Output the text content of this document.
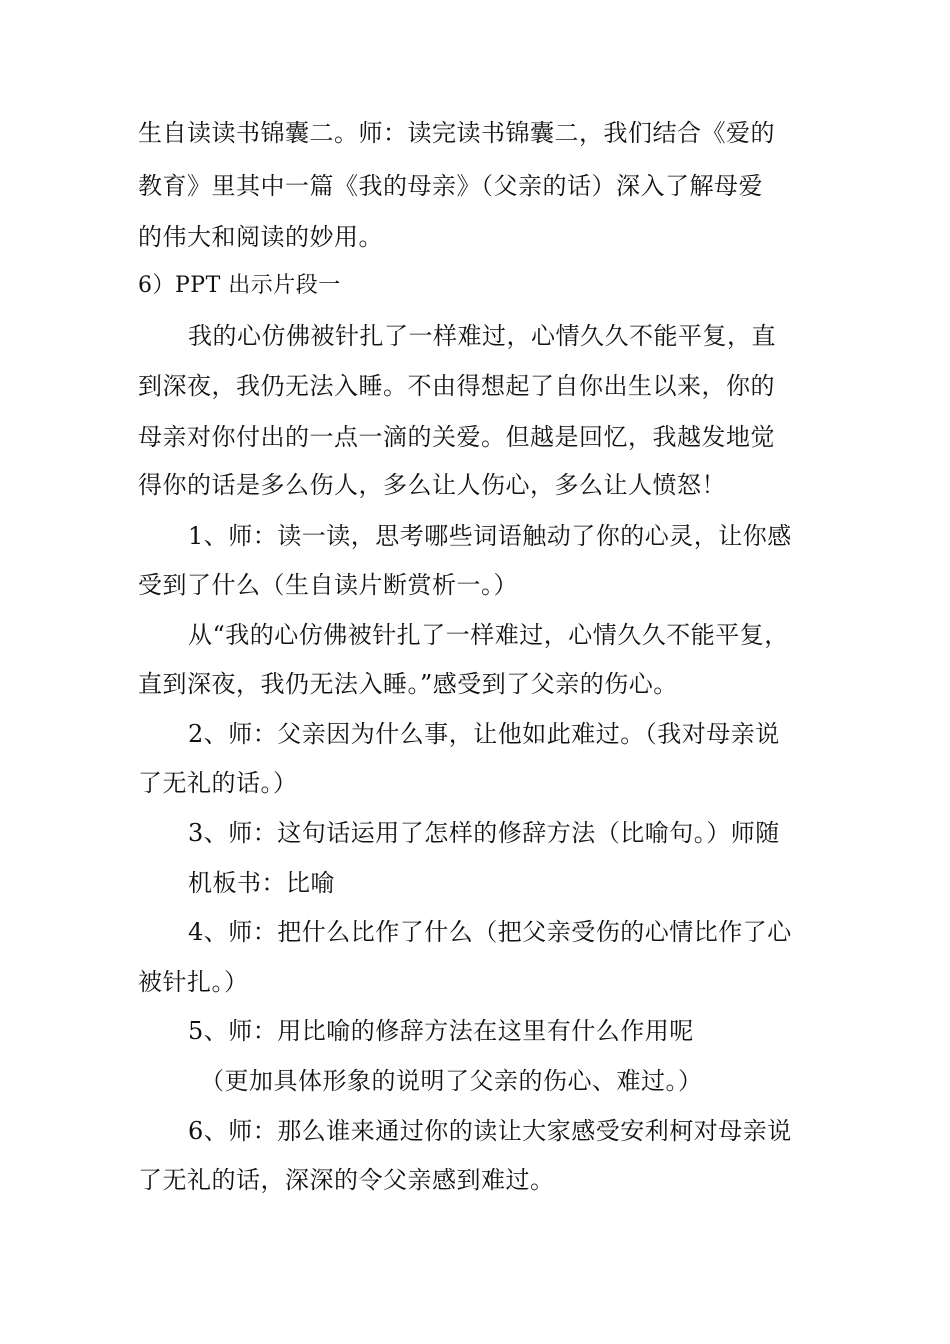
生自读读书锦囊二。师：读完读书锦囊二，我们结合《爱的
教育》里其中一篇《我的母亲》（父亲的话）深入了解母爱
的伟大和阅读的妙用。
6）PPT 出示片段一
我的心仿佛被针扎了一样难过，心情久久不能平复，直
到深夜，我仍无法入睡。不由得想起了自你出生以来，你的
母亲对你付出的一点一滴的关爱。但越是回忆，我越发地觉
得你的话是多么伤人，多么让人伤心，多么让人愤怒！
1、师：读一读，思考哪些词语触动了你的心灵，让你感
受到了什么（生自读片断赏析一。）
从“我的心仿佛被针扎了一样难过，心情久久不能平复，
直到深夜，我仍无法入睡。”感受到了父亲的伤心。
2、师：父亲因为什么事，让他如此难过。（我对母亲说
了无礼的话。）
3、师：这句话运用了怎样的修辞方法（比喻句。）师随
机板书：比喻
4、师：把什么比作了什么（把父亲受伤的心情比作了心
被针扎。）
5、师：用比喻的修辞方法在这里有什么作用呢
（更加具体形象的说明了父亲的伤心、难过。）
6、师：那么谁来通过你的读让大家感受安利柯对母亲说
了无礼的话，深深的令父亲感到难过。
